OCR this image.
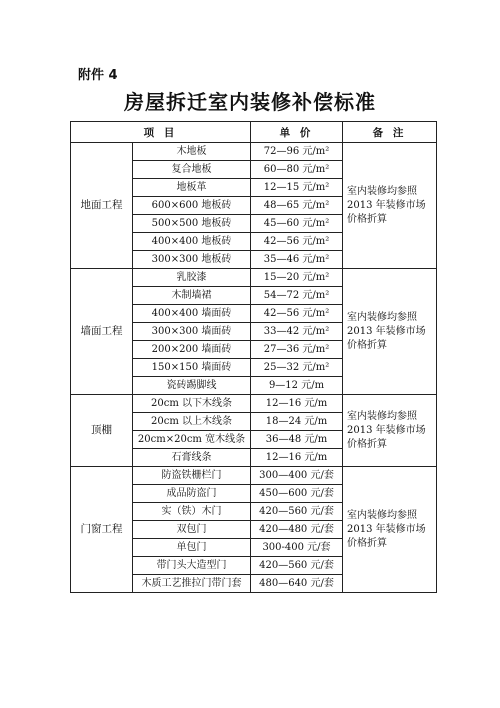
附件 4
房屋拆迁室内装修补偿标准
项 目		单 价	备 注
地面工程	木地板	72—96 元/m²	室内装修均参照2013 年装修市场价格折算
	复合地板	60—80 元/m²	
	地板革	12—15 元/m²	
	600×600 地板砖	48—65 元/m²	
	500×500 地板砖	45—60 元/m²	
	400×400 地板砖	42—56 元/m²	
	300×300 地板砖	35—46 元/m²	
墙面工程	乳胶漆	15—20 元/m²	室内装修均参照2013 年装修市场价格折算
	木制墙裙	54—72 元/m²	
	400×400 墙面砖	42—56 元/m²	
	300×300 墙面砖	33—42 元/m²	
	200×200 墙面砖	27—36 元/m²	
	150×150 墙面砖	25—32 元/m²	
	瓷砖踢脚线	9—12 元/m	
顶棚	20cm 以下木线条	12—16 元/m	室内装修均参照2013 年装修市场价格折算
	20cm 以上木线条	18—24 元/m	
	20cm×20cm 宽木线条	36—48 元/m	
	石膏线条	12—16 元/m	
门窗工程	防盗铁栅栏门	300—400 元/套	室内装修均参照2013 年装修市场价格折算
	成品防盗门	450—600 元/套	
	实（铁）木门	420—560 元/套	
	双包门	420—480 元/套	
	单包门	300-400 元/套	
	带门头大造型门	420—560 元/套	
	木质工艺推拉门带门套	480—640 元/套	
